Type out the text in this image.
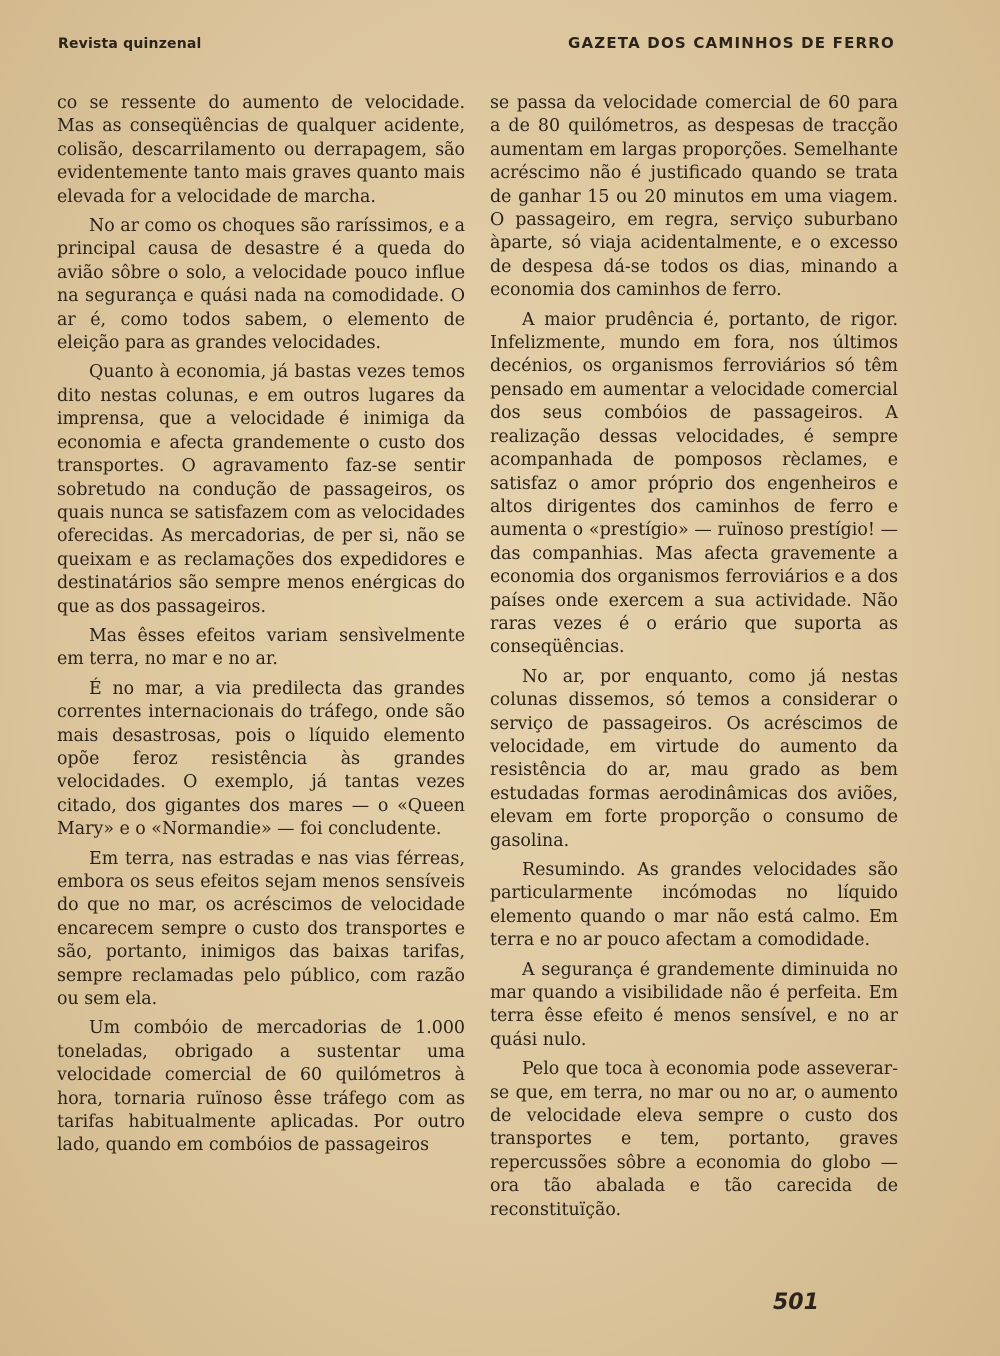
Revista quinzenal	GAZETA DOS CAMINHOS DE FERRO

co se ressente do aumento de velocidade. Mas as conseqüências de qualquer acidente, colisão, descarrilamento ou derrapagem, são evidentemente tanto mais graves quanto mais elevada for a velocidade de marcha.

No ar como os choques são raríssimos, e a principal causa de desastre é a queda do avião sôbre o solo, a velocidade pouco influe na segurança e quási nada na comodidade. O ar é, como todos sabem, o elemento de eleição para as grandes velocidades.

Quanto à economia, já bastas vezes temos dito nestas colunas, e em outros lugares da imprensa, que a velocidade é inimiga da economia e afecta grandemente o custo dos transportes. O agravamento faz-se sentir sobretudo na condução de passageiros, os quais nunca se satisfazem com as velocidades oferecidas. As mercadorias, de per si, não se queixam e as reclamações dos expedidores e destinatários são sempre menos enérgicas do que as dos passageiros.

Mas êsses efeitos variam sensìvelmente em terra, no mar e no ar.

É no mar, a via predilecta das grandes correntes internacionais do tráfego, onde são mais desastrosas, pois o líquido elemento opõe feroz resistência às grandes velocidades. O exemplo, já tantas vezes citado, dos gigantes dos mares — o «Queen Mary» e o «Normandie» — foi concludente.

Em terra, nas estradas e nas vias férreas, embora os seus efeitos sejam menos sensíveis do que no mar, os acréscimos de velocidade encarecem sempre o custo dos transportes e são, portanto, inimigos das baixas tarifas, sempre reclamadas pelo público, com razão ou sem ela.

Um combóio de mercadorias de 1.000 toneladas, obrigado a sustentar uma velocidade comercial de 60 quilómetros à hora, tornaria ruïnoso êsse tráfego com as tarifas habitualmente aplicadas. Por outro lado, quando em combóios de passageiros

se passa da velocidade comercial de 60 para a de 80 quilómetros, as despesas de tracção aumentam em largas proporções. Semelhante acréscimo não é justificado quando se trata de ganhar 15 ou 20 minutos em uma viagem. O passageiro, em regra, serviço suburbano àparte, só viaja acidentalmente, e o excesso de despesa dá-se todos os dias, minando a economia dos caminhos de ferro.

A maior prudência é, portanto, de rigor. Infelizmente, mundo em fora, nos últimos decénios, os organismos ferroviários só têm pensado em aumentar a velocidade comercial dos seus combóios de passageiros. A realização dessas velocidades, é sempre acompanhada de pomposos rèclames, e satisfaz o amor próprio dos engenheiros e altos dirigentes dos caminhos de ferro e aumenta o «prestígio» — ruïnoso prestígio! — das companhias. Mas afecta gravemente a economia dos organismos ferroviários e a dos países onde exercem a sua actividade. Não raras vezes é o erário que suporta as conseqüências.

No ar, por enquanto, como já nestas colunas dissemos, só temos a considerar o serviço de passageiros. Os acréscimos de velocidade, em virtude do aumento da resistência do ar, mau grado as bem estudadas formas aerodinâmicas dos aviões, elevam em forte proporção o consumo de gasolina.

Resumindo. As grandes velocidades são particularmente incómodas no líquido elemento quando o mar não está calmo. Em terra e no ar pouco afectam a comodidade.

A segurança é grandemente diminuida no mar quando a visibilidade não é perfeita. Em terra êsse efeito é menos sensível, e no ar quási nulo.

Pelo que toca à economia pode asseverar-se que, em terra, no mar ou no ar, o aumento de velocidade eleva sempre o custo dos transportes e tem, portanto, graves repercussões sôbre a economia do globo — ora tão abalada e tão carecida de reconstituïção.

501
